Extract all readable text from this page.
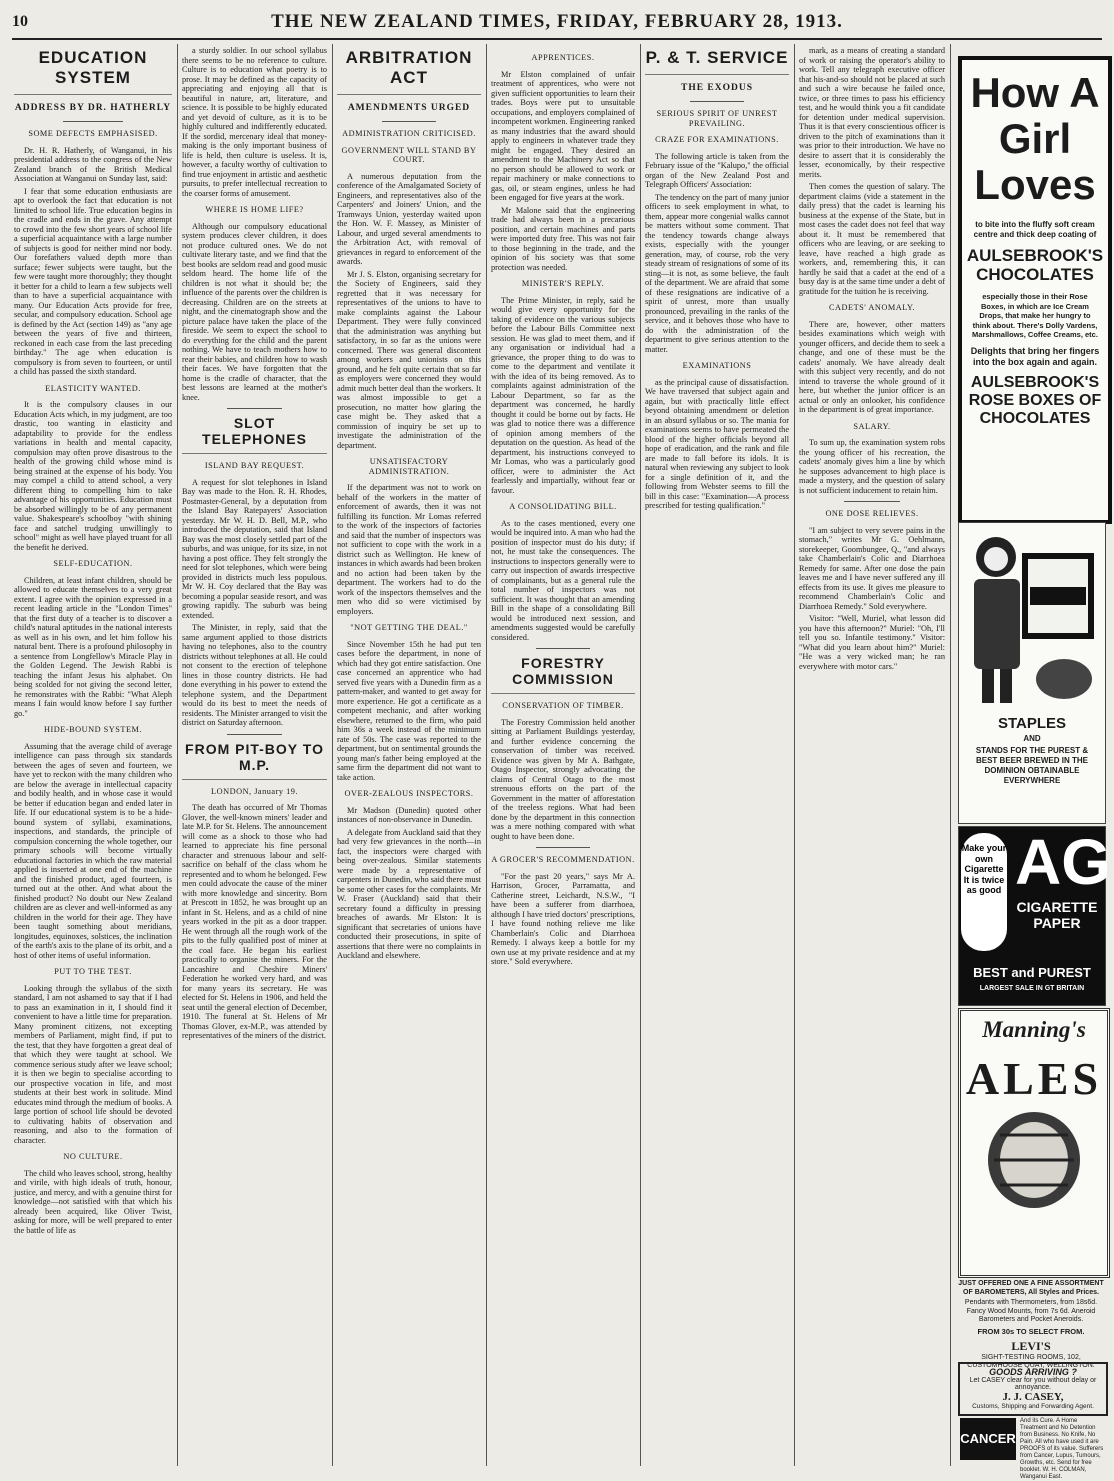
10	THE NEW ZEALAND TIMES, FRIDAY, FEBRUARY 28, 1913.
EDUCATION SYSTEM
ADDRESS BY DR. HATHERLY
SOME DEFECTS EMPHASISED.

Dr. H. R. Hatherly, of Wanganui, in his presidential address to the congress of the New Zealand branch of the British Medical Association at Wanganui on Sunday last, said:

I fear that some education enthusiasts are apt to overlook the fact that education is not limited to school life. True education begins in the cradle and ends in the grave. Any attempt to crowd into the few short years of school life a superficial acquaintance with a large number of subjects is good for neither mind nor body. Our forefathers valued depth more than surface; fewer subjects were taught, but the few were taught more thoroughly; they thought it better for a child to learn a few subjects well than to have a superficial acquaintance with many. Our Education Acts provide for free, secular, and compulsory education. School age is defined by the Act (section 149) as "any age between the years of five and thirteen, reckoned in each case from the last preceding birthday." The age when education is compulsory is from seven to fourteen, or until a child has passed the sixth standard.

ELASTICITY WANTED.

It is the compulsory clauses in our Education Acts which, in my judgment, are too drastic, too wanting in elasticity and adaptability to provide for the endless variations in health and mental capacity, compulsion may often prove disastrous to the health of the growing child whose mind is being strained at the expense of his body. You may compel a child to attend school, a very different thing to compelling him to take advantage of his opportunities. Education must be absorbed willingly to be of any permanent value. Shakespeare's schoolboy "with shining face and satchel trudging unwillingly to school" might as well have played truant for all the benefit he derived.

SELF-EDUCATION.

Children, at least infant children, should be allowed to educate themselves to a very great extent. I agree with the opinion expressed in a recent leading article in the "London Times" that the first duty of a teacher is to discover a child's natural aptitudes in the national interests as well as in his own, and let him follow his natural bent. There is a profound philosophy in a sentence from Longfellow's Miracle Play in the Golden Legend. The Jewish Rabbi is teaching the infant Jesus his alphabet. On being scolded for not giving the second letter, he remonstrates with the Rabbi: "What Aleph means I fain would know before I say further go."

HIDE-BOUND SYSTEM.

Assuming that the average child of average intelligence can pass through six standards between the ages of seven and fourteen, we have yet to reckon with the many children who are below the average in intellectual capacity and bodily health, and in whose case it would be better if education began and ended later in life. If our educational system is to be a hide-bound system of syllabi, examinations, inspections, and standards, the principle of compulsion concerning the whole together, our primary schools will become virtually educational factories in which the raw material applied is inserted at one end of the machine and the finished product, aged fourteen, is turned out at the other. And what about the finished product? No doubt our New Zealand children are as clever and well-informed as any children in the world for their age. They have been taught something about meridians, longitudes, equinoxes, solstices, the inclination of the earth's axis to the plane of its orbit, and a host of other items of useful information.

PUT TO THE TEST.

Looking through the syllabus of the sixth standard, I am not ashamed to say that if I had to pass an examination in it, I should find it convenient to have a little time for preparation. Many prominent citizens, not excepting members of Parliament, might find, if put to the test, that they have forgotten a great deal of that which they were taught at school. We commence serious study after we leave school; it is then we begin to specialise according to our prospective vocation in life, and most students at their best work in solitude. Mind educates mind through the medium of books. A large portion of school life should be devoted to cultivating habits of observation and reasoning, and also to the formation of character.

NO CULTURE.

The child who leaves school, strong, healthy and virile, with high ideals of truth, honour, justice, and mercy, and with a genuine thirst for knowledge—not satisfied with that which his already been acquired, like Oliver Twist, asking for more, will be well prepared to enter the battle of life as

a sturdy soldier. In our school syllabus there seems to be no reference to culture. Culture is to education what poetry is to prose. It may be defined as the capacity of appreciating and enjoying all that is beautiful in nature, art, literature, and science. It is possible to be highly educated and yet devoid of culture, as it is to be highly cultured and indifferently educated. If the sordid, mercenary ideal that money-making is the only important business of life is held, then culture is useless. It is, however, a faculty worthy of cultivation to find true enjoyment in artistic and aesthetic pursuits, to prefer intellectual recreation to the coarser forms of amusement.

WHERE IS HOME LIFE?

Although our compulsory educational system produces clever children, it does not produce cultured ones. We do not cultivate literary taste, and we find that the best books are seldom read and good music seldom heard. The home life of the children is not what it should be; the influence of the parents over the children is decreasing. Children are on the streets at night, and the cinematograph show and the picture palace have taken the place of the fireside. We seem to expect the school to do everything for the child and the parent nothing. We have to teach mothers how to rear their babies, and children how to wash their faces. We have forgotten that the home is the cradle of character, that the best lessons are learned at the mother's knee.

SLOT TELEPHONES
ISLAND BAY REQUEST.

A request for slot telephones in Island Bay was made to the Hon. R. H. Rhodes, Postmaster-General, by a deputation from the Island Bay Ratepayers' Association yesterday. Mr W. H. D. Bell, M.P., who introduced the deputation, said that Island Bay was the most closely settled part of the suburbs, and was unique, for its size, in not having a post office. They felt strongly the need for slot telephones, which were being provided in districts much less populous. Mr W. H. Coy declared that the Bay was becoming a popular seaside resort, and was growing rapidly. The suburb was being extended.

The Minister, in reply, said that the same argument applied to those districts having no telephones, also to the country districts without telephones at all. He could not consent to the erection of telephone lines in those country districts. He had done everything in his power to extend the telephone system, and the Department would do its best to meet the needs of residents. The Minister arranged to visit the district on Saturday afternoon.

FROM PIT-BOY TO M.P.
LONDON, January 19.

The death has occurred of Mr Thomas Glover, the well-known miners' leader and late M.P. for St. Helens. The announcement will come as a shock to those who had learned to appreciate his fine personal character and strenuous labour and self-sacrifice on behalf of the class whom he represented and to whom he belonged. Few men could advocate the cause of the miner with more knowledge and sincerity. Born at Prescott in 1852, he was brought up an infant in St. Helens, and as a child of nine years worked in the pit as a door trapper. He went through all the rough work of the pits to the fully qualified post of miner at the coal face. He began his earliest practically to organise the miners. For the Lancashire and Cheshire Miners' Federation he worked very hard, and was for many years its secretary. He was elected for St. Helens in 1906, and held the seat until the general election of December, 1910. The funeral at St. Helens of Mr Thomas Glover, ex-M.P., was attended by representatives of the miners of the district.

ARBITRATION ACT
AMENDMENTS URGED
ADMINISTRATION CRITICISED.
GOVERNMENT WILL STAND BY COURT.

A numerous deputation from the conference of the Amalgamated Society of Engineers, and representatives also of the Carpenters' and Joiners' Union, and the Tramways Union, yesterday waited upon the Hon. W. F. Massey, as Minister of Labour, and urged several amendments to the Arbitration Act, with removal of grievances in regard to enforcement of the awards.

Mr J. S. Elston, organising secretary for the Society of Engineers, said they regretted that it was necessary for representatives of the unions to have to make complaints against the Labour Department. They were fully convinced that the administration was anything but satisfactory, in so far as the unions were concerned. There was general discontent among workers and unionists on this ground, and he felt quite certain that so far as employers were concerned they would admit much better deal than the workers. It was almost impossible to get a prosecution, no matter how glaring the case might be. They asked that a commission of inquiry be set up to investigate the administration of the department.

UNSATISFACTORY ADMINISTRATION.

If the department was not to work on behalf of the workers in the matter of enforcement of awards, then it was not fulfilling its function. Mr Lomas referred to the work of the inspectors of factories and said that the number of inspectors was not sufficient to cope with the work in a district such as Wellington. He knew of instances in which awards had been broken and no action had been taken by the department. The workers had to do the work of the inspectors themselves and the men who did so were victimised by employers.

"NOT GETTING THE DEAL."

Since November 15th he had put ten cases before the department, in none of which had they got entire satisfaction. One case concerned an apprentice who had served five years with a Dunedin firm as a pattern-maker, and wanted to get away for more experience. He got a certificate as a competent mechanic, and after working elsewhere, returned to the firm, who paid him 36s a week instead of the minimum rate of 50s. The case was reported to the department, but on sentimental grounds the young man's father being employed at the same firm the department did not want to take action.

OVER-ZEALOUS INSPECTORS.

Mr Madson (Dunedin) quoted other instances of non-observance in Dunedin.

A delegate from Auckland said that they had very few grievances in the north—in fact, the inspectors were charged with being over-zealous. Similar statements were made by a representative of carpenters in Dunedin, who said there must be some other cases for the complaints. Mr W. Fraser (Auckland) said that their secretary found a difficulty in pressing breaches of awards. Mr Elston: It is significant that secretaries of unions have conducted their prosecutions, in spite of assertions that there were no complaints in Auckland and elsewhere.

APPRENTICES.

Mr Elston complained of unfair treatment of apprentices, who were not given sufficient opportunities to learn their trades. Boys were put to unsuitable occupations, and employers complained of incompetent workmen. Engineering ranked as many industries that the award should apply to engineers in whatever trade they might be engaged. They desired an amendment to the Machinery Act so that no person should be allowed to work or repair machinery or make connections to gas, oil, or steam engines, unless he had been engaged for five years at the work.

Mr Malone said that the engineering trade had always been in a precarious position, and certain machines and parts were imported duty free. This was not fair to those beginning in the trade, and the opinion of his society was that some protection was needed.

MINISTER'S REPLY.

The Prime Minister, in reply, said he would give every opportunity for the taking of evidence on the various subjects before the Labour Bills Committee next session. He was glad to meet them, and if any organisation or individual had a grievance, the proper thing to do was to come to the department and ventilate it with the idea of its being removed. As to complaints against administration of the Labour Department, so far as the department was concerned, he hardly thought it could be borne out by facts. He was glad to notice there was a difference of opinion among members of the deputation on the question. As head of the department, his instructions conveyed to Mr Lomas, who was a particularly good officer, were to administer the Act fearlessly and impartially, without fear or favour.

A CONSOLIDATING BILL.

As to the cases mentioned, every one would be inquired into. A man who had the position of inspector must do his duty; if not, he must take the consequences. The instructions to inspectors generally were to carry out inspection of awards irrespective of complainants, but as a general rule the total number of inspectors was not sufficient. It was thought that an amending Bill in the shape of a consolidating Bill would be introduced next session, and amendments suggested would be carefully considered.

FORESTRY COMMISSION
CONSERVATION OF TIMBER.

The Forestry Commission held another sitting at Parliament Buildings yesterday, and further evidence concerning the conservation of timber was received. Evidence was given by Mr A. Bathgate, Otago Inspector, strongly advocating the claims of Central Otago to the most strenuous efforts on the part of the Government in the matter of afforestation of the treeless regions. What had been done by the department in this connection was a mere nothing compared with what ought to have been done.

A GROCER'S RECOMMENDATION.

"For the past 20 years," says Mr A. Harrison, Grocer, Parramatta, and Catherine street, Leichardt, N.S.W., "I have been a sufferer from diarrhoea, although I have tried doctors' prescriptions, I have found nothing relieve me like Chamberlain's Colic and Diarrhoea Remedy. I always keep a bottle for my own use at my private residence and at my store." Sold everywhere.

P. & T. SERVICE
THE EXODUS
SERIOUS SPIRIT OF UNREST PREVAILING.
CRAZE FOR EXAMINATIONS.

The following article is taken from the February issue of the "Kalupo," the official organ of the New Zealand Post and Telegraph Officers' Association:

The tendency on the part of many junior officers to seek employment in what, to them, appear more congenial walks cannot be matters without some comment. That the tendency towards change always exists, especially with the younger generation, may, of course, rob the very steady stream of resignations of some of its sting—it is not, as some believe, the fault of the department. We are afraid that some of these resignations are indicative of a spirit of unrest, more than usually pronounced, prevailing in the ranks of the service, and it behoves those who have to do with the administration of the department to give serious attention to the matter.

EXAMINATIONS

as the principal cause of dissatisfaction. We have traversed that subject again and again, but with practically little effect beyond obtaining amendment or deletion in an absurd syllabus or so. The mania for examinations seems to have permeated the blood of the higher officials beyond all hope of eradication, and the rank and file are made to fall before its idols. It is natural when reviewing any subject to look for a single definition of it, and the following from Webster seems to fill the bill in this case: "Examination—A process prescribed for testing qualification."

mark, as a means of creating a standard of work or raising the operator's ability to work. Tell any telegraph executive officer that his-and-so should not be placed at such and such a wire because he failed once, twice, or three times to pass his efficiency test, and he would think you a fit candidate for detention under medical supervision. Thus it is that every conscientious officer is driven to the pitch of examinations than it was prior to their introduction. We have no desire to assert that it is considerably the lesser, economically, by their respective merits.

Then comes the question of salary. The department claims (vide a statement in the daily press) that the cadet is learning his business at the expense of the State, but in most cases the cadet does not feel that way about it. It must be remembered that officers who are leaving, or are seeking to leave, have reached a high grade as workers, and, remembering this, it can hardly be said that a cadet at the end of a busy day is at the same time under a debt of gratitude for the tuition he is receiving.

CADETS' ANOMALY.

There are, however, other matters besides examinations which weigh with younger officers, and decide them to seek a change, and one of these must be the cadets' anomaly. We have already dealt with this subject very recently, and do not intend to traverse the whole ground of it here, but whether the junior officer is an actual or only an onlooker, his confidence in the department is of great importance.

SALARY.

To sum up, the examination system robs the young officer of his recreation, the cadets' anomaly gives him a line by which he supposes advancement to high place is made a mystery, and the question of salary is not sufficient inducement to retain him.

ONE DOSE RELIEVES.

"I am subject to very severe pains in the stomach," writes Mr G. Oehlmann, storekeeper, Goombungee, Q., "and always take Chamberlain's Colic and Diarrhoea Remedy for same. After one dose the pain leaves me and I have never suffered any ill effects from its use. It gives me pleasure to recommend Chamberlain's Colic and Diarrhoea Remedy." Sold everywhere.

Visitor: "Well, Muriel, what lesson did you have this afternoon?" Muriel: "Oh, I'll tell you so. Infantile testimony." Visitor: "What did you learn about him?" Muriel: "He was a very wicked man; he ran everywhere with motor cars."

How A Girl Loves
to bite into the fluffy soft cream centre and thick deep coating of
AULSEBROOK'S CHOCOLATES
especially those in their Rose Boxes, in which are Ice Cream Drops, that make her hungry to think about. There's Dolly Vardens, Marshmallows, Coffee Creams, etc.
Delights that bring her fingers into the box again and again.
AULSEBROOK'S ROSE BOXES OF CHOCOLATES
STAPLES
AND
STANDS FOR THE PUREST & BEST BEER BREWED IN THE DOMINION OBTAINABLE EVERYWHERE
Make your own Cigarette It is twice as good AG
CIGARETTE PAPER
BEST and PUREST
LARGEST SALE IN GT BRITAIN
Manning's
ALES
JUST OFFERED ONE A FINE ASSORTMENT OF BAROMETERS, All Styles and Prices.
Pendants with Thermometers, from 18s6d. Fancy Wood Mounts, from 7s 6d. Aneroid Barometers and Pocket Aneroids.
FROM 30s TO SELECT FROM.
LEVI'S
SIGHT-TESTING ROOMS, 102, CUSTOMHOUSE QUAY, WELLINGTON.
GOODS ARRIVING ?
Let CASEY clear for you without delay or annoyance.
J. J. CASEY,
Customs, Shipping and Forwarding Agent.
CANCER
And its Cure. A Home Treatment and No Detention from Business. No Knife, No Pain. All who have used it are PROOFS of its value. Sufferers from Cancer, Lupus, Tumours, Growths, etc. Send for free booklet. W. H. COLMAN, Wanganui East.
